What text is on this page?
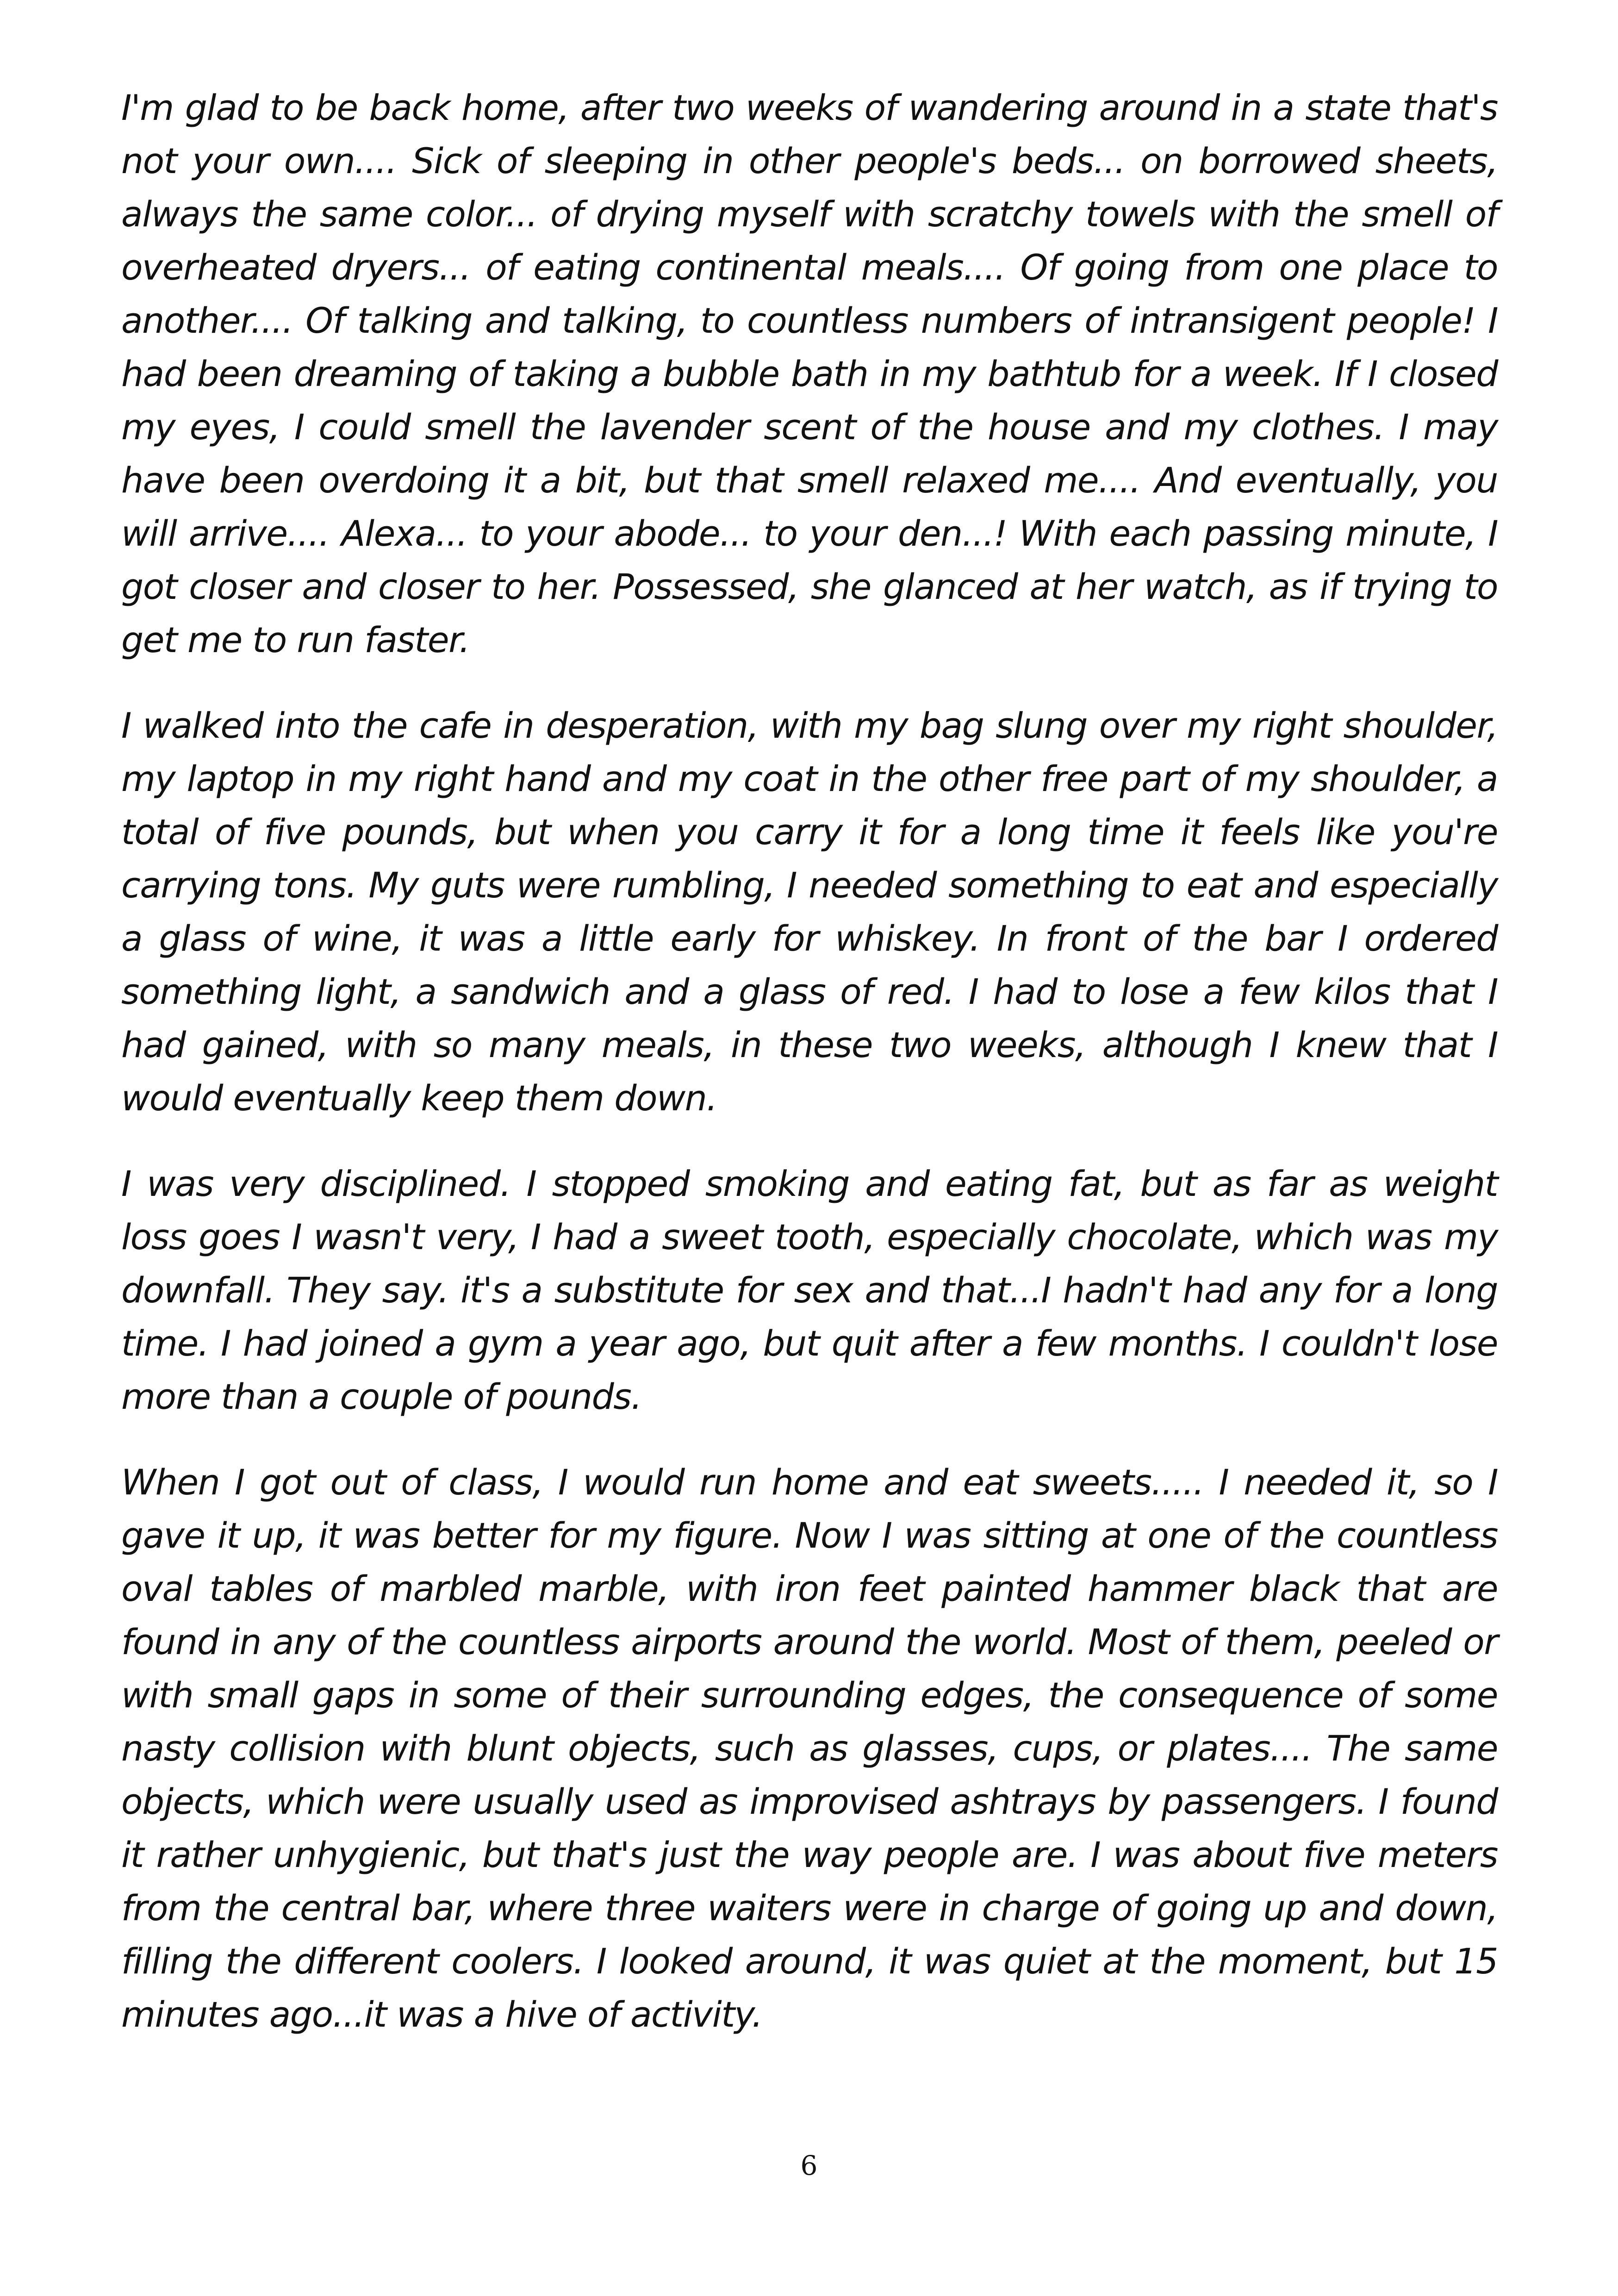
I'm glad to be back home, after two weeks of wandering around in a state that's not your own.... Sick of sleeping in other people's beds... on borrowed sheets, always the same color... of drying myself with scratchy towels with the smell of overheated dryers... of eating continental meals.... Of going from one place to another.... Of talking and talking, to countless numbers of intransigent people! I had been dreaming of taking a bubble bath in my bathtub for a week. If I closed my eyes, I could smell the lavender scent of the house and my clothes. I may have been overdoing it a bit, but that smell relaxed me.... And eventually, you will arrive.... Alexa... to your abode... to your den...! With each passing minute, I got closer and closer to her. Possessed, she glanced at her watch, as if trying to get me to run faster.

I walked into the cafe in desperation, with my bag slung over my right shoulder, my laptop in my right hand and my coat in the other free part of my shoulder, a total of five pounds, but when you carry it for a long time it feels like you're carrying tons. My guts were rumbling, I needed something to eat and especially a glass of wine, it was a little early for whiskey. In front of the bar I ordered something light, a sandwich and a glass of red. I had to lose a few kilos that I had gained, with so many meals, in these two weeks, although I knew that I would eventually keep them down.

I was very disciplined. I stopped smoking and eating fat, but as far as weight loss goes I wasn't very, I had a sweet tooth, especially chocolate, which was my downfall. They say. it's a substitute for sex and that...I hadn't had any for a long time. I had joined a gym a year ago, but quit after a few months. I couldn't lose more than a couple of pounds.

When I got out of class, I would run home and eat sweets..... I needed it, so I gave it up, it was better for my figure. Now I was sitting at one of the countless oval tables of marbled marble, with iron feet painted hammer black that are found in any of the countless airports around the world. Most of them, peeled or with small gaps in some of their surrounding edges, the consequence of some nasty collision with blunt objects, such as glasses, cups, or plates.... The same objects, which were usually used as improvised ashtrays by passengers. I found it rather unhygienic, but that's just the way people are. I was about five meters from the central bar, where three waiters were in charge of going up and down, filling the different coolers. I looked around, it was quiet at the moment, but 15 minutes ago...it was a hive of activity.

6
